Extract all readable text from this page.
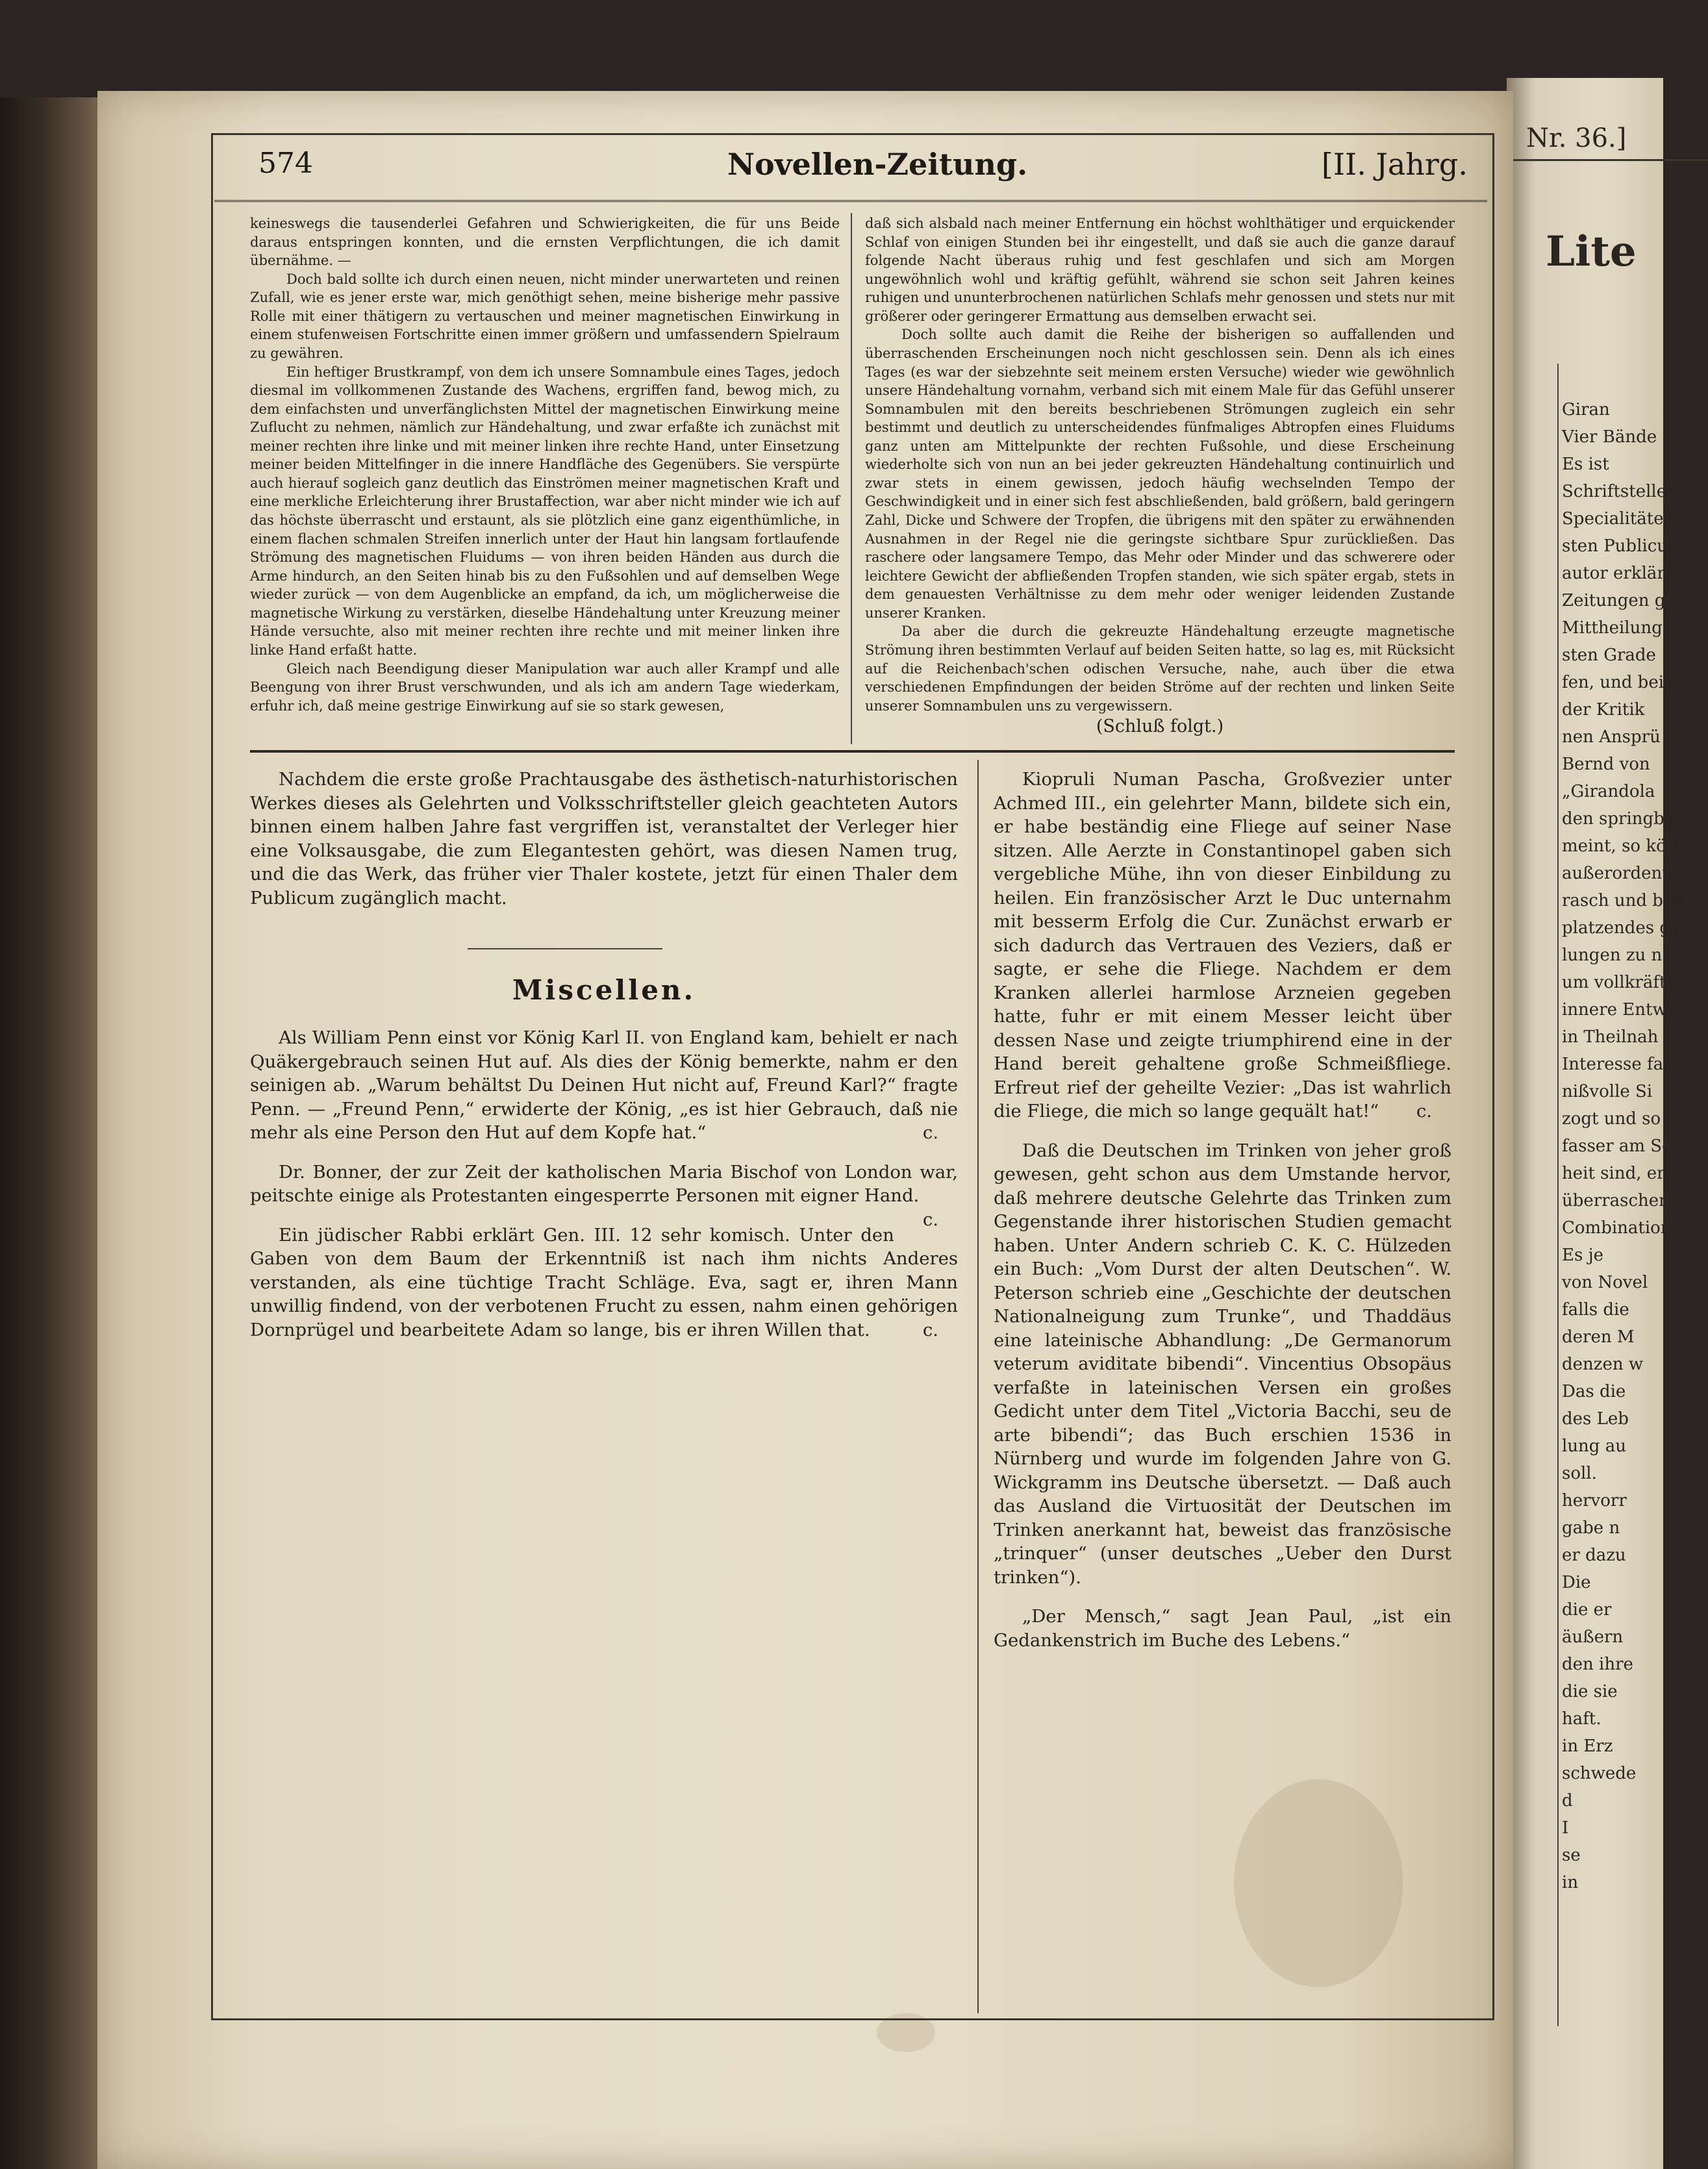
Nr. 36.]
Lite
Giran
Vier Bände
Es ist
Schriftsteller
Specialitäten
sten Publicum
autor erklärt
Zeitungen g
Mittheilung
sten Grade
fen, und bei
der Kritik
nen Ansprü
Bernd von
„Girandola
den springbr
meint, so kön
außerordentli
rasch und bril
platzendes ge
lungen zu n
um vollkräfti
innere Entwi
in Theilnah
Interesse fa
nißvolle Si
zogt und so
fasser am Sc
heit sind, er
überraschen
Combination
Es je
von Novel
falls die
deren M
denzen w
Das die
des Leb
lung au
soll.
hervorr
gabe n
er dazu
Die
die er
äußern
den ihre
die sie
haft.
in Erz
schwede
d
I
se
in
574	Novellen-Zeitung.	[II. Jahrg.

keineswegs die tausenderlei Gefahren und Schwierigkeiten, die für uns Beide daraus entspringen konnten, und die ernsten Verpflichtungen, die ich damit übernähme. —

Doch bald sollte ich durch einen neuen, nicht minder unerwarteten und reinen Zufall, wie es jener erste war, mich genöthigt sehen, meine bisherige mehr passive Rolle mit einer thätigern zu vertauschen und meiner magnetischen Einwirkung in einem stufenweisen Fortschritte einen immer größern und umfassendern Spielraum zu gewähren.

Ein heftiger Brustkrampf, von dem ich unsere Somnambule eines Tages, jedoch diesmal im vollkommenen Zustande des Wachens, ergriffen fand, bewog mich, zu dem einfachsten und unverfänglichsten Mittel der magnetischen Einwirkung meine Zuflucht zu nehmen, nämlich zur Händehaltung, und zwar erfaßte ich zunächst mit meiner rechten ihre linke und mit meiner linken ihre rechte Hand, unter Einsetzung meiner beiden Mittelfinger in die innere Handfläche des Gegenübers. Sie verspürte auch hierauf sogleich ganz deutlich das Einströmen meiner magnetischen Kraft und eine merkliche Erleichterung ihrer Brustaffection, war aber nicht minder wie ich auf das höchste überrascht und erstaunt, als sie plötzlich eine ganz eigenthümliche, in einem flachen schmalen Streifen innerlich unter der Haut hin langsam fortlaufende Strömung des magnetischen Fluidums — von ihren beiden Händen aus durch die Arme hindurch, an den Seiten hinab bis zu den Fußsohlen und auf demselben Wege wieder zurück — von dem Augenblicke an empfand, da ich, um möglicherweise die magnetische Wirkung zu verstärken, dieselbe Händehaltung unter Kreuzung meiner Hände versuchte, also mit meiner rechten ihre rechte und mit meiner linken ihre linke Hand erfaßt hatte.

Gleich nach Beendigung dieser Manipulation war auch aller Krampf und alle Beengung von ihrer Brust verschwunden, und als ich am andern Tage wiederkam, erfuhr ich, daß meine gestrige Einwirkung auf sie so stark gewesen,

daß sich alsbald nach meiner Entfernung ein höchst wohlthätiger und erquickender Schlaf von einigen Stunden bei ihr eingestellt, und daß sie auch die ganze darauf folgende Nacht überaus ruhig und fest geschlafen und sich am Morgen ungewöhnlich wohl und kräftig gefühlt, während sie schon seit Jahren keines ruhigen und ununterbrochenen natürlichen Schlafs mehr genossen und stets nur mit größerer oder geringerer Ermattung aus demselben erwacht sei.

Doch sollte auch damit die Reihe der bisherigen so auffallenden und überraschenden Erscheinungen noch nicht geschlossen sein. Denn als ich eines Tages (es war der siebzehnte seit meinem ersten Versuche) wieder wie gewöhnlich unsere Händehaltung vornahm, verband sich mit einem Male für das Gefühl unserer Somnambulen mit den bereits beschriebenen Strömungen zugleich ein sehr bestimmt und deutlich zu unterscheidendes fünfmaliges Abtropfen eines Fluidums ganz unten am Mittelpunkte der rechten Fußsohle, und diese Erscheinung wiederholte sich von nun an bei jeder gekreuzten Händehaltung continuirlich und zwar stets in einem gewissen, jedoch häufig wechselnden Tempo der Geschwindigkeit und in einer sich fest abschließenden, bald größern, bald geringern Zahl, Dicke und Schwere der Tropfen, die übrigens mit den später zu erwähnenden Ausnahmen in der Regel nie die geringste sichtbare Spur zurückließen. Das raschere oder langsamere Tempo, das Mehr oder Minder und das schwerere oder leichtere Gewicht der abfließenden Tropfen standen, wie sich später ergab, stets in dem genauesten Verhältnisse zu dem mehr oder weniger leidenden Zustande unserer Kranken.

Da aber die durch die gekreuzte Händehaltung erzeugte magnetische Strömung ihren bestimmten Verlauf auf beiden Seiten hatte, so lag es, mit Rücksicht auf die Reichenbach'schen odischen Versuche, nahe, auch über die etwa verschiedenen Empfindungen der beiden Ströme auf der rechten und linken Seite unserer Somnambulen uns zu vergewissern.

(Schluß folgt.)

Nachdem die erste große Prachtausgabe des ästhetisch-naturhistorischen Werkes dieses als Gelehrten und Volksschriftsteller gleich geachteten Autors binnen einem halben Jahre fast vergriffen ist, veranstaltet der Verleger hier eine Volksausgabe, die zum Elegantesten gehört, was diesen Namen trug, und die das Werk, das früher vier Thaler kostete, jetzt für einen Thaler dem Publicum zugänglich macht.

Miscellen.

Als William Penn einst vor König Karl II. von England kam, behielt er nach Quäkergebrauch seinen Hut auf. Als dies der König bemerkte, nahm er den seinigen ab. „Warum behältst Du Deinen Hut nicht auf, Freund Karl?“ fragte Penn. — „Freund Penn,“ erwiderte der König, „es ist hier Gebrauch, daß nie mehr als eine Person den Hut auf dem Kopfe hat.“	c.

Dr. Bonner, der zur Zeit der katholischen Maria Bischof von London war, peitschte einige als Protestanten eingesperrte Personen mit eigner Hand.
c.

Ein jüdischer Rabbi erklärt Gen. III. 12 sehr komisch. Unter den Gaben von dem Baum der Erkenntniß ist nach ihm nichts Anderes verstanden, als eine tüchtige Tracht Schläge. Eva, sagt er, ihren Mann unwillig findend, von der verbotenen Frucht zu essen, nahm einen gehörigen Dornprügel und bearbeitete Adam so lange, bis er ihren Willen that.	c.

Kiopruli Numan Pascha, Großvezier unter Achmed III., ein gelehrter Mann, bildete sich ein, er habe beständig eine Fliege auf seiner Nase sitzen. Alle Aerzte in Constantinopel gaben sich vergebliche Mühe, ihn von dieser Einbildung zu heilen. Ein französischer Arzt le Duc unternahm mit besserm Erfolg die Cur. Zunächst erwarb er sich dadurch das Vertrauen des Veziers, daß er sagte, er sehe die Fliege. Nachdem er dem Kranken allerlei harmlose Arzneien gegeben hatte, fuhr er mit einem Messer leicht über dessen Nase und zeigte triumphirend eine in der Hand bereit gehaltene große Schmeißfliege. Erfreut rief der geheilte Vezier: „Das ist wahrlich die Fliege, die mich so lange gequält hat!“	c.

Daß die Deutschen im Trinken von jeher groß gewesen, geht schon aus dem Umstande hervor, daß mehrere deutsche Gelehrte das Trinken zum Gegenstande ihrer historischen Studien gemacht haben. Unter Andern schrieb C. K. C. Hülzeden ein Buch: „Vom Durst der alten Deutschen“. W. Peterson schrieb eine „Geschichte der deutschen Nationalneigung zum Trunke“, und Thaddäus eine lateinische Abhandlung: „De Germanorum veterum aviditate bibendi“. Vincentius Obsopäus verfaßte in lateinischen Versen ein großes Gedicht unter dem Titel „Victoria Bacchi, seu de arte bibendi“; das Buch erschien 1536 in Nürnberg und wurde im folgenden Jahre von G. Wickgramm ins Deutsche übersetzt. — Daß auch das Ausland die Virtuosität der Deutschen im Trinken anerkannt hat, beweist das französische „trinquer“ (unser deutsches „Ueber den Durst trinken“).

„Der Mensch,“ sagt Jean Paul, „ist ein Gedankenstrich im Buche des Lebens.“
